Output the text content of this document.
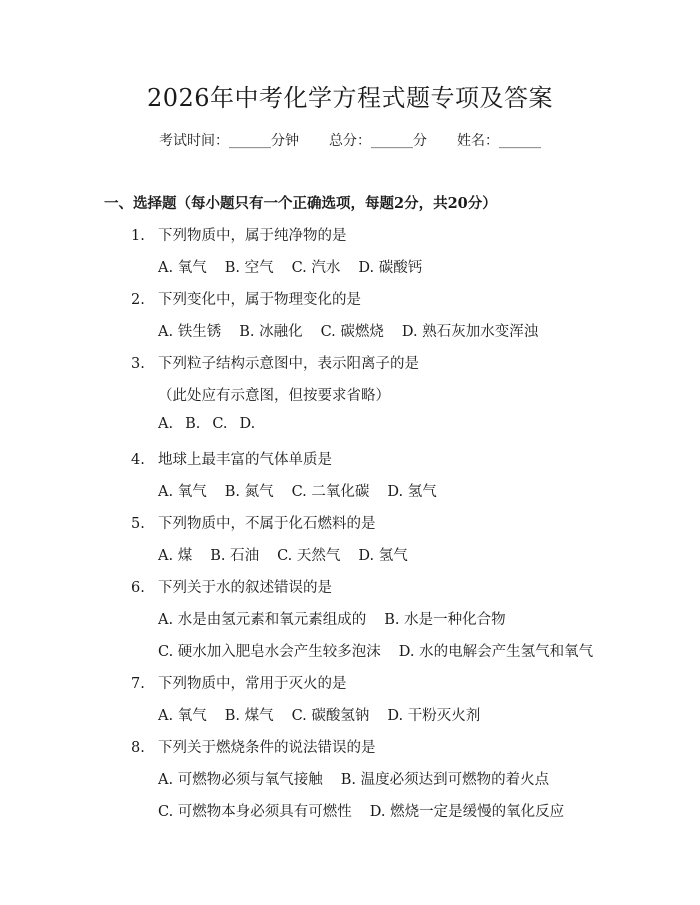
2026年中考化学方程式题专项及答案
考试时间：______分钟 总分：______分 姓名：______
一、选择题（每小题只有一个正确选项，每题2分，共20分）
1. 下列物质中，属于纯净物的是
A. 氧气 B. 空气 C. 汽水 D. 碳酸钙
2. 下列变化中，属于物理变化的是
A. 铁生锈 B. 冰融化 C. 碳燃烧 D. 熟石灰加水变浑浊
3. 下列粒子结构示意图中，表示阳离子的是
（此处应有示意图，但按要求省略）
A. B. C. D.
4. 地球上最丰富的气体单质是
A. 氧气 B. 氮气 C. 二氧化碳 D. 氢气
5. 下列物质中，不属于化石燃料的是
A. 煤 B. 石油 C. 天然气 D. 氢气
6. 下列关于水的叙述错误的是
A. 水是由氢元素和氧元素组成的 B. 水是一种化合物
C. 硬水加入肥皂水会产生较多泡沫 D. 水的电解会产生氢气和氧气
7. 下列物质中，常用于灭火的是
A. 氧气 B. 煤气 C. 碳酸氢钠 D. 干粉灭火剂
8. 下列关于燃烧条件的说法错误的是
A. 可燃物必须与氧气接触 B. 温度必须达到可燃物的着火点
C. 可燃物本身必须具有可燃性 D. 燃烧一定是缓慢的氧化反应
